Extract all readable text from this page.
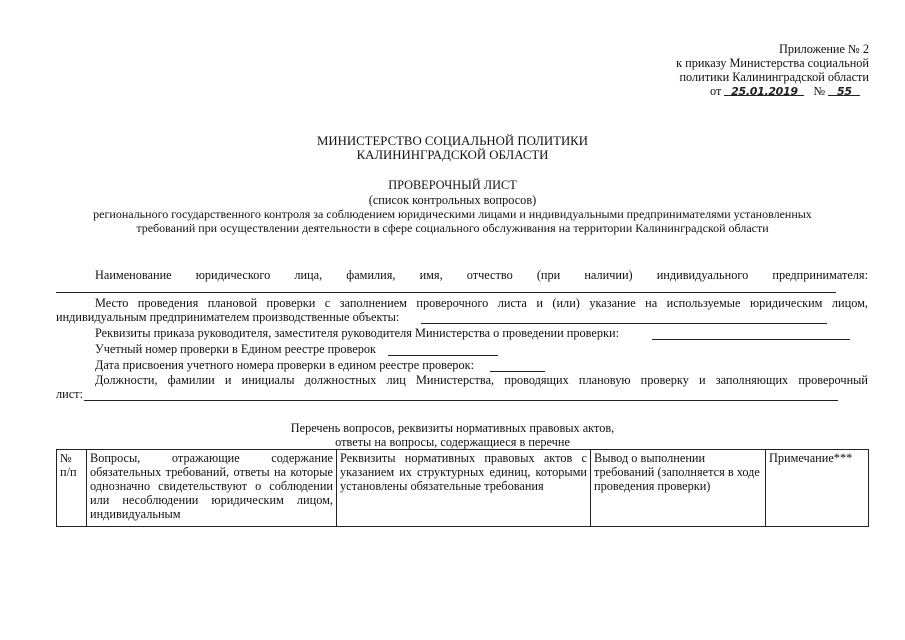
Приложение № 2
к приказу Министерства социальной
политики Калининградской области
от 25.01.2019 № 55
МИНИСТЕРСТВО СОЦИАЛЬНОЙ ПОЛИТИКИ
КАЛИНИНГРАДСКОЙ ОБЛАСТИ
ПРОВЕРОЧНЫЙ ЛИСТ
(список контрольных вопросов)
регионального государственного контроля за соблюдением юридическими лицами и индивидуальными предпринимателями установленных
требований при осуществлении деятельности в сфере социального обслуживания на территории Калининградской области
Наименование юридического лица, фамилия, имя, отчество (при наличии) индивидуального предпринимателя:
Место проведения плановой проверки с заполнением проверочного листа и (или) указание на используемые юридическим лицом,
индивидуальным предпринимателем производственные объекты:
Реквизиты приказа руководителя, заместителя руководителя Министерства о проведении проверки:
Учетный номер проверки в Едином реестре проверок
Дата присвоения учетного номера проверки в едином реестре проверок:
Должности, фамилии и инициалы должностных лиц Министерства, проводящих плановую проверку и заполняющих проверочный
лист:
Перечень вопросов, реквизиты нормативных правовых актов,
ответы на вопросы, содержащиеся в перечне
№ п/п	Вопросы, отражающие содержание обязательных требований, ответы на которые однозначно свидетельствуют о соблюдении или несоблюдении юридическим лицом, индивидуальным	Реквизиты нормативных правовых актов с указанием их структурных единиц, которыми установлены обязательные требования	Вывод о выполнении требований (заполняется в ходе проведения проверки)	Примечание***
